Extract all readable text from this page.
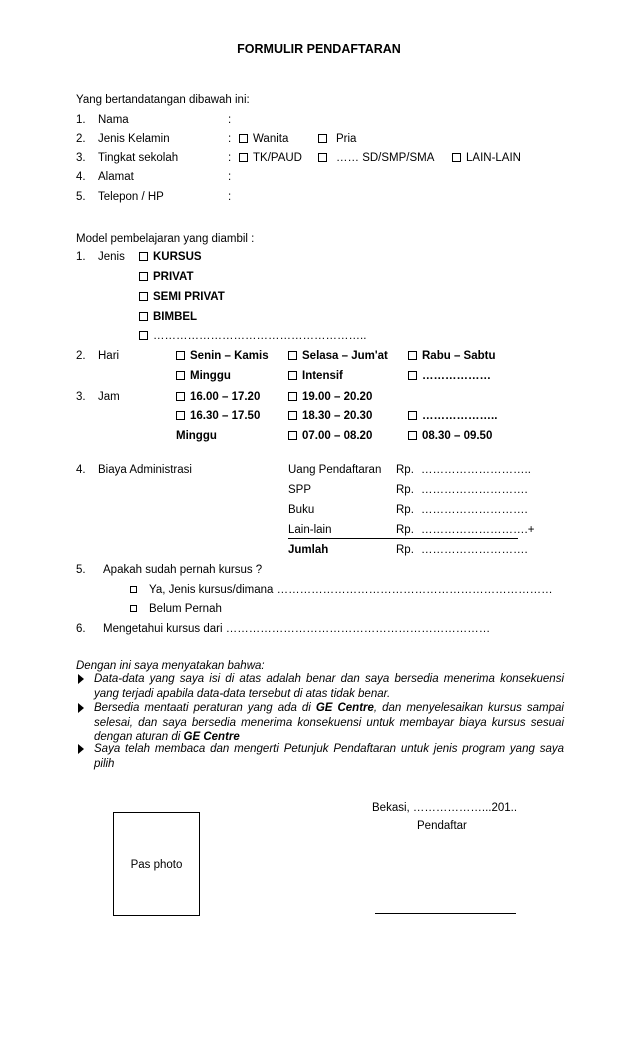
FORMULIR PENDAFTARAN
Yang bertandatangan dibawah ini:
1. Nama	:
2. Jenis Kelamin	:	Wanita	Pria
3. Tingkat sekolah	:	TK/PAUD	…… SD/SMP/SMA	LAIN-LAIN
4. Alamat	:
5. Telepon / HP	:
Model pembelajaran yang diambil :
1. Jenis	KURSUS
PRIVAT
SEMI PRIVAT
BIMBEL
………………………………………………..
2. Hari	Senin – Kamis	Selasa – Jum'at	Rabu – Sabtu
Minggu	Intensif	………………
3. Jam	16.00 – 17.20	19.00 – 20.20
16.30 – 17.50	18.30 – 20.30	………………..
Minggu	07.00 – 08.20	08.30 – 09.50
4. Biaya Administrasi	Uang Pendaftaran Rp. ………………………..
SPP	Rp. ……………………….
Buku	Rp. ……………………….
Lain-lain	Rp. ……………………….+
Jumlah	Rp. ……………………….
5. Apakah sudah pernah kursus ?
Ya, Jenis kursus/dimana ………………………………………………………………
Belum Pernah
6. Mengetahui kursus dari ……………………………………………………………
Dengan ini saya menyatakan bahwa:
Data-data yang saya isi di atas adalah benar dan saya bersedia menerima konsekuensi yang terjadi apabila data-data tersebut di atas tidak benar.
Bersedia mentaati peraturan yang ada di GE Centre, dan menyelesaikan kursus sampai selesai, dan saya bersedia menerima konsekuensi untuk membayar biaya kursus sesuai dengan aturan di GE Centre
Saya telah membaca dan mengerti Petunjuk Pendaftaran untuk jenis program yang saya pilih
Bekasi, ………………...201..
Pendaftar
Pas photo
